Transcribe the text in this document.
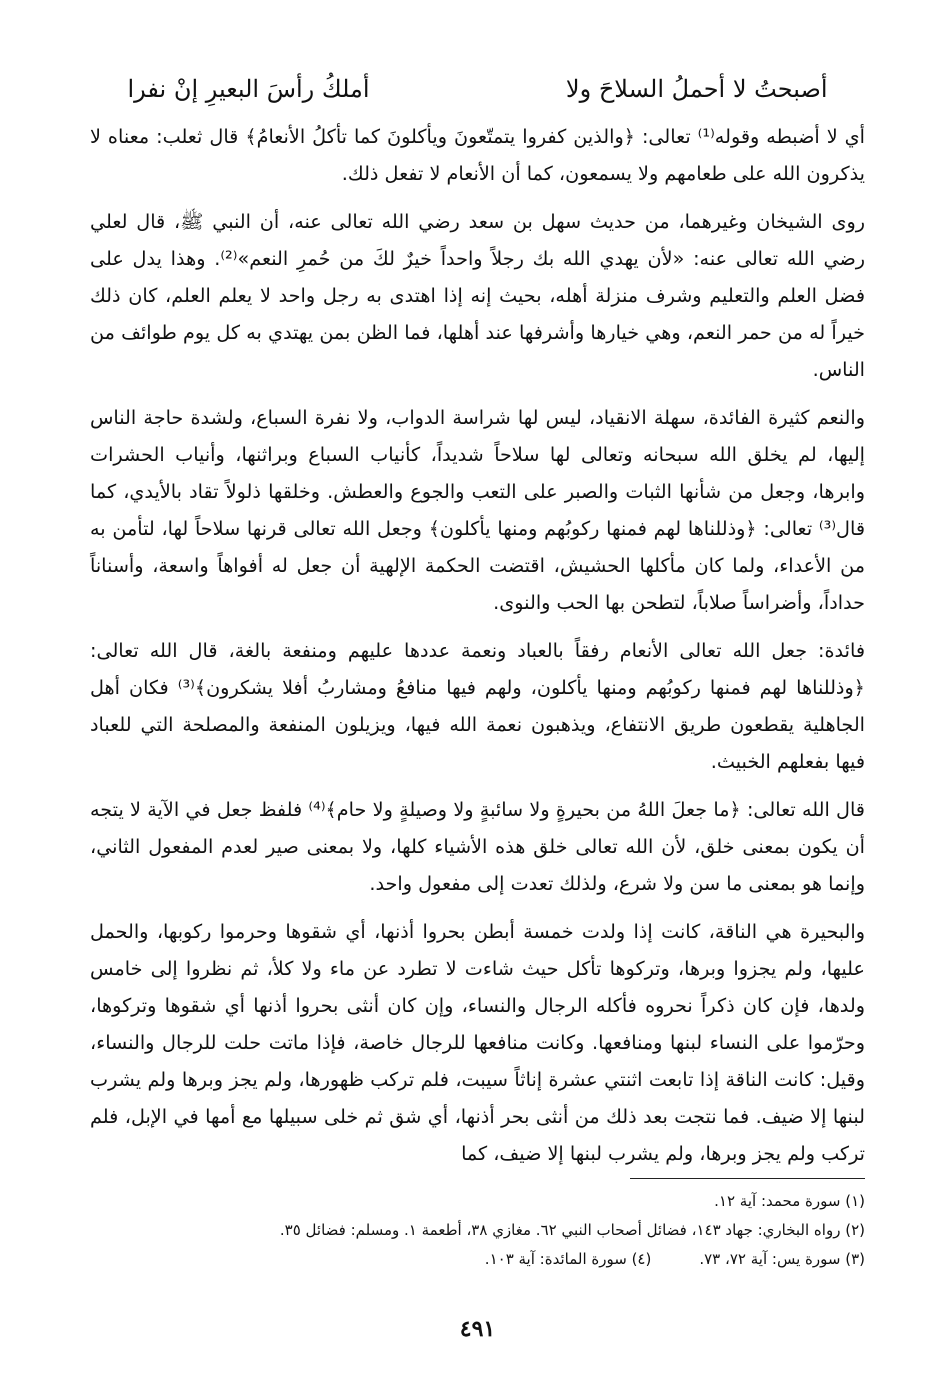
أصبحتُ لا أحملُ السلاحَ ولا
أملكُ رأسَ البعيرِ إنْ نفرا

أي لا أضبطه وقوله⁽¹⁾ تعالى: ﴿والذين كفروا يتمتّعونَ ويأكلونَ كما تأكلُ الأنعامُ﴾ قال ثعلب: معناه لا يذكرون الله على طعامهم ولا يسمعون، كما أن الأنعام لا تفعل ذلك.

روى الشيخان وغيرهما، من حديث سهل بن سعد رضي الله تعالى عنه، أن النبي ﷺ، قال لعلي رضي الله تعالى عنه: «لأن يهدي الله بك رجلاً واحداً خيرٌ لكَ من حُمرِ النعم»⁽²⁾. وهذا يدل على فضل العلم والتعليم وشرف منزلة أهله، بحيث إنه إذا اهتدى به رجل واحد لا يعلم العلم، كان ذلك خيراً له من حمر النعم، وهي خيارها وأشرفها عند أهلها، فما الظن بمن يهتدي به كل يوم طوائف من الناس.

والنعم كثيرة الفائدة، سهلة الانقياد، ليس لها شراسة الدواب، ولا نفرة السباع، ولشدة حاجة الناس إليها، لم يخلق الله سبحانه وتعالى لها سلاحاً شديداً، كأنياب السباع وبراثنها، وأنياب الحشرات وابرها، وجعل من شأنها الثبات والصبر على التعب والجوع والعطش. وخلقها ذلولاً تقاد بالأيدي، كما قال⁽³⁾ تعالى: ﴿وذللناها لهم فمنها ركوبُهم ومنها يأكلون﴾ وجعل الله تعالى قرنها سلاحاً لها، لتأمن به من الأعداء، ولما كان مأكلها الحشيش، اقتضت الحكمة الإلهية أن جعل له أفواهاً واسعة، وأسناناً حداداً، وأضراساً صلاباً، لتطحن بها الحب والنوى.

فائدة: جعل الله تعالى الأنعام رفقاً بالعباد ونعمة عددها عليهم ومنفعة بالغة، قال الله تعالى: ﴿وذللناها لهم فمنها ركوبُهم ومنها يأكلون، ولهم فيها منافعُ ومشاربُ أفلا يشكرون﴾⁽³⁾ فكان أهل الجاهلية يقطعون طريق الانتفاع، ويذهبون نعمة الله فيها، ويزيلون المنفعة والمصلحة التي للعباد فيها بفعلهم الخبيث.

قال الله تعالى: ﴿ما جعلَ اللهُ من بحيرةٍ ولا سائبةٍ ولا وصيلةٍ ولا حام﴾⁽⁴⁾ فلفظ جعل في الآية لا يتجه أن يكون بمعنى خلق، لأن الله تعالى خلق هذه الأشياء كلها، ولا بمعنى صير لعدم المفعول الثاني، وإنما هو بمعنى ما سن ولا شرع، ولذلك تعدت إلى مفعول واحد.

والبحيرة هي الناقة، كانت إذا ولدت خمسة أبطن بحروا أذنها، أي شقوها وحرموا ركوبها، والحمل عليها، ولم يجزوا وبرها، وتركوها تأكل حيث شاءت لا تطرد عن ماء ولا كلأ، ثم نظروا إلى خامس ولدها، فإن كان ذكراً نحروه فأكله الرجال والنساء، وإن كان أنثى بحروا أذنها أي شقوها وتركوها، وحرّموا على النساء لبنها ومنافعها. وكانت منافعها للرجال خاصة، فإذا ماتت حلت للرجال والنساء، وقيل: كانت الناقة إذا تابعت اثنتي عشرة إناثاً سيبت، فلم تركب ظهورها، ولم يجز وبرها ولم يشرب لبنها إلا ضيف. فما نتجت بعد ذلك من أنثى بحر أذنها، أي شق ثم خلى سبيلها مع أمها في الإبل، فلم تركب ولم يجز وبرها، ولم يشرب لبنها إلا ضيف، كما

(١) سورة محمد: آية ١٢.
(٢) رواه البخاري: جهاد ١٤٣، فضائل أصحاب النبي ٦٢. مغازي ٣٨، أطعمة ١. ومسلم: فضائل ٣٥.
(٣) سورة يس: آية ٧٢، ٧٣.
(٤) سورة المائدة: آية ١٠٣.
٤٩١
